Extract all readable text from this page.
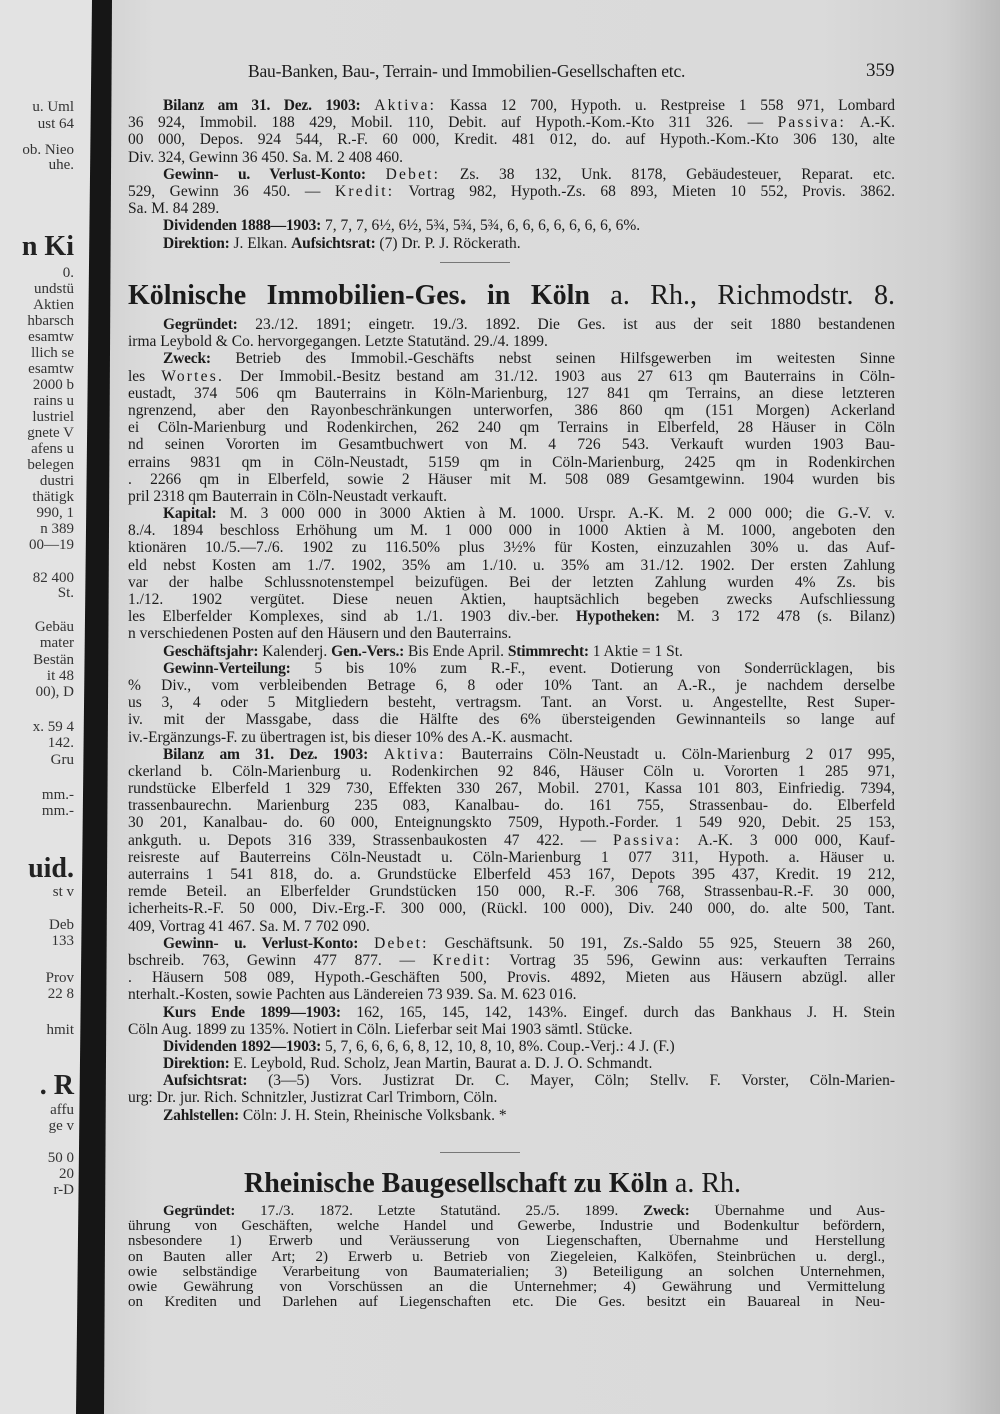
u. Uml
ust 64
ob. Nieo
uhe.
n Ki
0.
undstü
Aktien
hbarsch
esamtw
llich se
esamtw
2000 b
rains u
lustriel
gnete V
afens u
belegen
dustri
thätigk
990, 1
n 389
00—19
82 400
St.
Gebäu
mater
Bestän
it 48
00), D
x. 59 4
142.
Gru
mm.-
mm.-
uid.
st v
Deb
133
Prov
22 8
hmit
. R
affu
ge v
50 0
20
r-D
Bau-Banken, Bau-, Terrain- und Immobilien-Gesellschaften etc.	359
Bilanz am 31. Dez. 1903: Aktiva: Kassa 12 700, Hypoth. u. Restpreise 1 558 971, Lombard
36 924, Immobil. 188 429, Mobil. 110, Debit. auf Hypoth.-Kom.-Kto 311 326. — Passiva: A.-K.
00 000, Depos. 924 544, R.-F. 60 000, Kredit. 481 012, do. auf Hypoth.-Kom.-Kto 306 130, alte
Div. 324, Gewinn 36 450. Sa. M. 2 408 460.
Gewinn- u. Verlust-Konto: Debet: Zs. 38 132, Unk. 8178, Gebäudesteuer, Reparat. etc.
529, Gewinn 36 450. — Kredit: Vortrag 982, Hypoth.-Zs. 68 893, Mieten 10 552, Provis. 3862.
Sa. M. 84 289.
Dividenden 1888—1903: 7, 7, 7, 6½, 6½, 5¾, 5¾, 5¾, 6, 6, 6, 6, 6, 6, 6, 6%.
Direktion: J. Elkan. Aufsichtsrat: (7) Dr. P. J. Röckerath.
Kölnische Immobilien-Ges. in Köln a. Rh., Richmodstr. 8.
Gegründet: 23./12. 1891; eingetr. 19./3. 1892. Die Ges. ist aus der seit 1880 bestandenen
irma Leybold & Co. hervorgegangen. Letzte Statutänd. 29./4. 1899.
Zweck: Betrieb des Immobil.-Geschäfts nebst seinen Hilfsgewerben im weitesten Sinne
les Wortes. Der Immobil.-Besitz bestand am 31./12. 1903 aus 27 613 qm Bauterrains in Cöln-
eustadt, 374 506 qm Bauterrains in Köln-Marienburg, 127 841 qm Terrains, an diese letzteren
ngrenzend, aber den Rayonbeschränkungen unterworfen, 386 860 qm (151 Morgen) Ackerland
ei Cöln-Marienburg und Rodenkirchen, 262 240 qm Terrains in Elberfeld, 28 Häuser in Cöln
nd seinen Vororten im Gesamtbuchwert von M. 4 726 543. Verkauft wurden 1903 Bau-
errains 9831 qm in Cöln-Neustadt, 5159 qm in Cöln-Marienburg, 2425 qm in Rodenkirchen
. 2266 qm in Elberfeld, sowie 2 Häuser mit M. 508 089 Gesamtgewinn. 1904 wurden bis
pril 2318 qm Bauterrain in Cöln-Neustadt verkauft.
Kapital: M. 3 000 000 in 3000 Aktien à M. 1000. Urspr. A.-K. M. 2 000 000; die G.-V. v.
8./4. 1894 beschloss Erhöhung um M. 1 000 000 in 1000 Aktien à M. 1000, angeboten den
ktionären 10./5.—7./6. 1902 zu 116.50% plus 3½% für Kosten, einzuzahlen 30% u. das Auf-
eld nebst Kosten am 1./7. 1902, 35% am 1./10. u. 35% am 31./12. 1902. Der ersten Zahlung
var der halbe Schlussnotenstempel beizufügen. Bei der letzten Zahlung wurden 4% Zs. bis
1./12. 1902 vergütet. Diese neuen Aktien, hauptsächlich begeben zwecks Aufschliessung
les Elberfelder Komplexes, sind ab 1./1. 1903 div.-ber. Hypotheken: M. 3 172 478 (s. Bilanz)
n verschiedenen Posten auf den Häusern und den Bauterrains.
Geschäftsjahr: Kalenderj. Gen.-Vers.: Bis Ende April. Stimmrecht: 1 Aktie = 1 St.
Gewinn-Verteilung: 5 bis 10% zum R.-F., event. Dotierung von Sonderrücklagen, bis
% Div., vom verbleibenden Betrage 6, 8 oder 10% Tant. an A.-R., je nachdem derselbe
us 3, 4 oder 5 Mitgliedern besteht, vertragsm. Tant. an Vorst. u. Angestellte, Rest Super-
iv. mit der Massgabe, dass die Hälfte des 6% übersteigenden Gewinnanteils so lange auf
iv.-Ergänzungs-F. zu übertragen ist, bis dieser 10% des A.-K. ausmacht.
Bilanz am 31. Dez. 1903: Aktiva: Bauterrains Cöln-Neustadt u. Cöln-Marienburg 2 017 995,
ckerland b. Cöln-Marienburg u. Rodenkirchen 92 846, Häuser Cöln u. Vororten 1 285 971,
rundstücke Elberfeld 1 329 730, Effekten 330 267, Mobil. 2701, Kassa 101 803, Einfriedig. 7394,
trassenbaurechn. Marienburg 235 083, Kanalbau- do. 161 755, Strassenbau- do. Elberfeld
30 201, Kanalbau- do. 60 000, Enteignungskto 7509, Hypoth.-Forder. 1 549 920, Debit. 25 153,
ankguth. u. Depots 316 339, Strassenbaukosten 47 422. — Passiva: A.-K. 3 000 000, Kauf-
reisreste auf Bauterreins Cöln-Neustadt u. Cöln-Marienburg 1 077 311, Hypoth. a. Häuser u.
auterrains 1 541 818, do. a. Grundstücke Elberfeld 453 167, Depots 395 437, Kredit. 19 212,
remde Beteil. an Elberfelder Grundstücken 150 000, R.-F. 306 768, Strassenbau-R.-F. 30 000,
icherheits-R.-F. 50 000, Div.-Erg.-F. 300 000, (Rückl. 100 000), Div. 240 000, do. alte 500, Tant.
409, Vortrag 41 467. Sa. M. 7 702 090.
Gewinn- u. Verlust-Konto: Debet: Geschäftsunk. 50 191, Zs.-Saldo 55 925, Steuern 38 260,
bschreib. 763, Gewinn 477 877. — Kredit: Vortrag 35 596, Gewinn aus: verkauften Terrains
. Häusern 508 089, Hypoth.-Geschäften 500, Provis. 4892, Mieten aus Häusern abzügl. aller
nterhalt.-Kosten, sowie Pachten aus Ländereien 73 939. Sa. M. 623 016.
Kurs Ende 1899—1903: 162, 165, 145, 142, 143%. Eingef. durch das Bankhaus J. H. Stein
Cöln Aug. 1899 zu 135%. Notiert in Cöln. Lieferbar seit Mai 1903 sämtl. Stücke.
Dividenden 1892—1903: 5, 7, 6, 6, 6, 6, 8, 12, 10, 8, 10, 8%. Coup.-Verj.: 4 J. (F.)
Direktion: E. Leybold, Rud. Scholz, Jean Martin, Baurat a. D. J. O. Schmandt.
Aufsichtsrat: (3—5) Vors. Justizrat Dr. C. Mayer, Cöln; Stellv. F. Vorster, Cöln-Marien-
urg: Dr. jur. Rich. Schnitzler, Justizrat Carl Trimborn, Cöln.
Zahlstellen: Cöln: J. H. Stein, Rheinische Volksbank. *
Rheinische Baugesellschaft zu Köln a. Rh.
Gegründet: 17./3. 1872. Letzte Statutänd. 25./5. 1899. Zweck: Übernahme und Aus-
ührung von Geschäften, welche Handel und Gewerbe, Industrie und Bodenkultur befördern,
nsbesondere 1) Erwerb und Veräusserung von Liegenschaften, Übernahme und Herstellung
on Bauten aller Art; 2) Erwerb u. Betrieb von Ziegeleien, Kalköfen, Steinbrüchen u. dergl.,
owie selbständige Verarbeitung von Baumaterialien; 3) Beteiligung an solchen Unternehmen,
owie Gewährung von Vorschüssen an die Unternehmer; 4) Gewährung und Vermittelung
on Krediten und Darlehen auf Liegenschaften etc. Die Ges. besitzt ein Bauareal in Neu-
